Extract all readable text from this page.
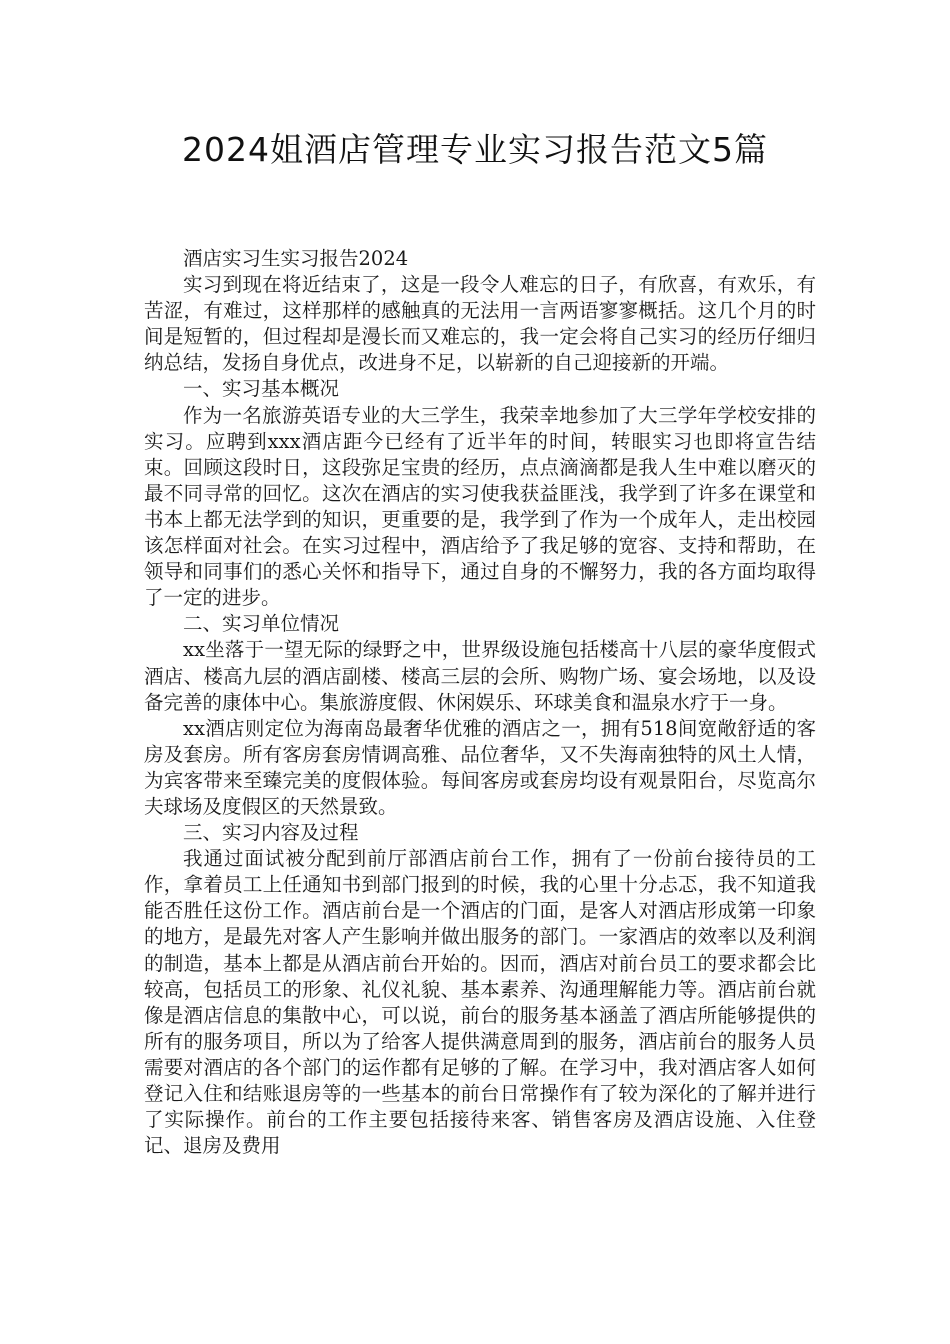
2024姐酒店管理专业实习报告范文5篇

酒店实习生实习报告2024

实习到现在将近结束了，这是一段令人难忘的日子，有欣喜，有欢乐，有苦涩，有难过，这样那样的感触真的无法用一言两语寥寥概括。这几个月的时间是短暂的，但过程却是漫长而又难忘的，我一定会将自己实习的经历仔细归纳总结，发扬自身优点，改进身不足，以崭新的自己迎接新的开端。

一、实习基本概况

作为一名旅游英语专业的大三学生，我荣幸地参加了大三学年学校安排的实习。应聘到xxx酒店距今已经有了近半年的时间，转眼实习也即将宣告结束。回顾这段时日，这段弥足宝贵的经历，点点滴滴都是我人生中难以磨灭的最不同寻常的回忆。这次在酒店的实习使我获益匪浅，我学到了许多在课堂和书本上都无法学到的知识，更重要的是，我学到了作为一个成年人，走出校园该怎样面对社会。在实习过程中，酒店给予了我足够的宽容、支持和帮助，在领导和同事们的悉心关怀和指导下，通过自身的不懈努力，我的各方面均取得了一定的进步。

二、实习单位情况

xx坐落于一望无际的绿野之中，世界级设施包括楼高十八层的豪华度假式酒店、楼高九层的酒店副楼、楼高三层的会所、购物广场、宴会场地，以及设备完善的康体中心。集旅游度假、休闲娱乐、环球美食和温泉水疗于一身。

xx酒店则定位为海南岛最奢华优雅的酒店之一，拥有518间宽敞舒适的客房及套房。所有客房套房情调高雅、品位奢华，又不失海南独特的风土人情，为宾客带来至臻完美的度假体验。每间客房或套房均设有观景阳台，尽览高尔夫球场及度假区的天然景致。

三、实习内容及过程

我通过面试被分配到前厅部酒店前台工作，拥有了一份前台接待员的工作，拿着员工上任通知书到部门报到的时候，我的心里十分忐忑，我不知道我能否胜任这份工作。酒店前台是一个酒店的门面，是客人对酒店形成第一印象的地方，是最先对客人产生影响并做出服务的部门。一家酒店的效率以及利润的制造，基本上都是从酒店前台开始的。因而，酒店对前台员工的要求都会比较高，包括员工的形象、礼仪礼貌、基本素养、沟通理解能力等。酒店前台就像是酒店信息的集散中心，可以说，前台的服务基本涵盖了酒店所能够提供的所有的服务项目，所以为了给客人提供满意周到的服务，酒店前台的服务人员需要对酒店的各个部门的运作都有足够的了解。在学习中，我对酒店客人如何登记入住和结账退房等的一些基本的前台日常操作有了较为深化的了解并进行了实际操作。前台的工作主要包括接待来客、销售客房及酒店设施、入住登记、退房及费用
